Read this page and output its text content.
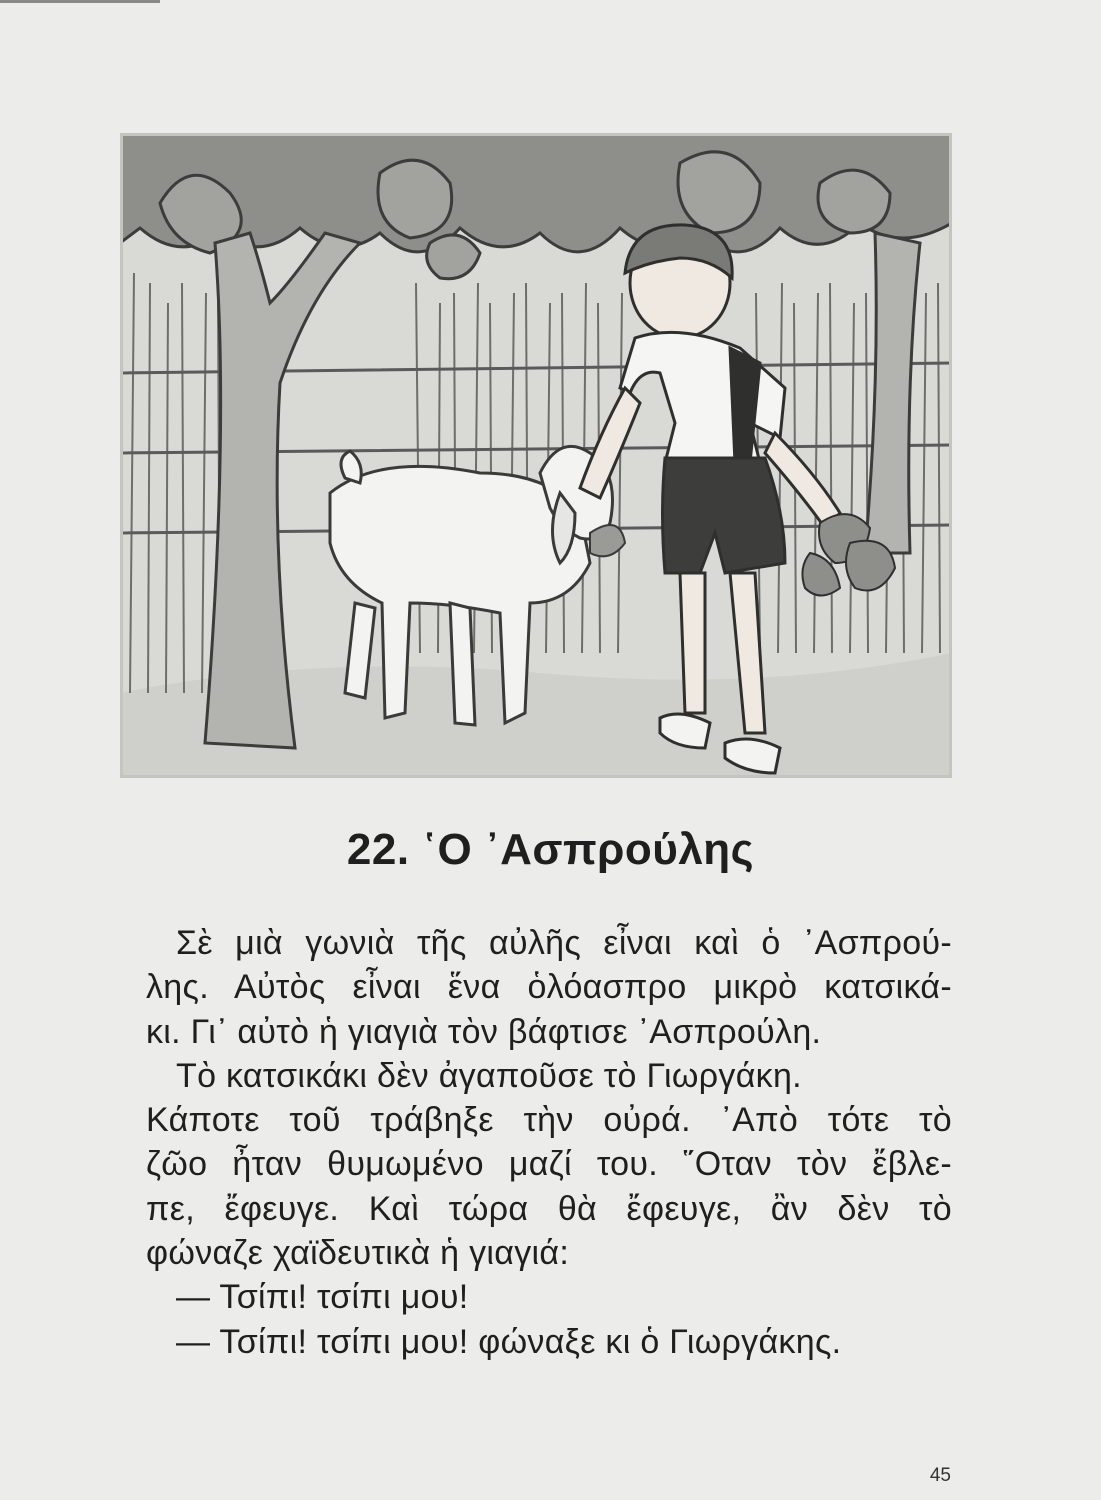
22. ῾Ο ᾿Ασπρούλης
Σὲ μιὰ γωνιὰ τῆς αὐλῆς εἶναι καὶ ὁ ᾿Ασπρού-
λης. Αὐτὸς εἶναι ἕνα ὁλόασπρο μικρὸ κατσικά-
κι. Γι᾿ αὐτὸ ἡ γιαγιὰ τὸν βάφτισε ᾿Ασπρούλη.
Τὸ κατσικάκι δὲν ἀγαποῦσε τὸ Γιωργάκη.
Κάποτε τοῦ τράβηξε τὴν οὐρά. ᾿Απὸ τότε τὸ
ζῶο ἦταν θυμωμένο μαζί του. ῞Οταν τὸν ἔβλε-
πε, ἔφευγε. Καὶ τώρα θὰ ἔφευγε, ἂν δὲν τὸ
φώναζε χαϊδευτικὰ ἡ γιαγιά:
— Τσίπι! τσίπι μου!
— Τσίπι! τσίπι μου! φώναξε κι ὁ Γιωργάκης.
45
